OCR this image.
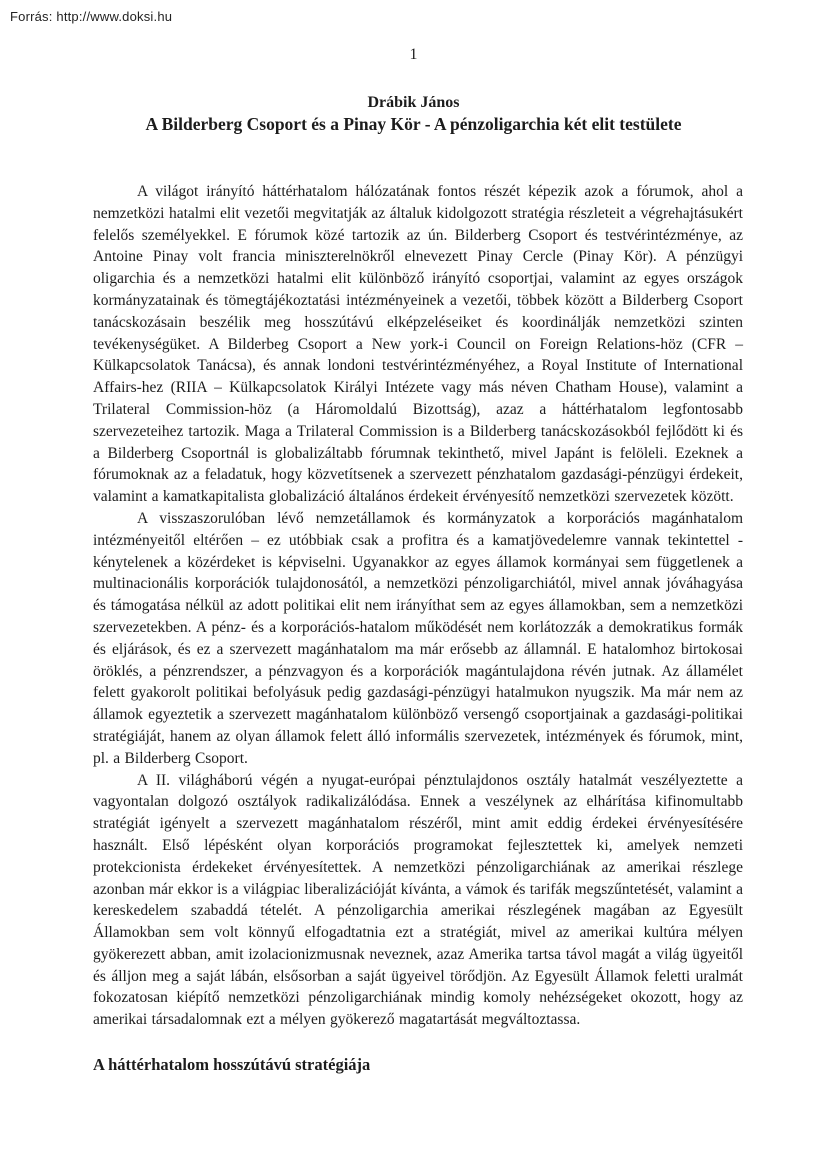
Forrás: http://www.doksi.hu
1
Drábik János
A Bilderberg Csoport és a Pinay Kör - A pénzoligarchia két elit testülete

A világot irányító háttérhatalom hálózatának fontos részét képezik azok a fórumok, ahol a nemzetközi hatalmi elit vezetői megvitatják az általuk kidolgozott stratégia részleteit a végrehajtásukért felelős személyekkel. E fórumok közé tartozik az ún. Bilderberg Csoport és testvérintézménye, az Antoine Pinay volt francia miniszterelnökről elnevezett Pinay Cercle (Pinay Kör). A pénzügyi oligarchia és a nemzetközi hatalmi elit különböző irányító csoportjai, valamint az egyes országok kormányzatainak és tömegtájékoztatási intézményeinek a vezetői, többek között a Bilderberg Csoport tanácskozásain beszélik meg hosszútávú elképzeléseiket és koordinálják nemzetközi szinten tevékenységüket. A Bilderbeg Csoport a New york-i Council on Foreign Relations-höz (CFR – Külkapcsolatok Tanácsa), és annak londoni testvérintézményéhez, a Royal Institute of International Affairs-hez (RIIA – Külkapcsolatok Királyi Intézete vagy más néven Chatham House), valamint a Trilateral Commission-höz (a Háromoldalú Bizottság), azaz a háttérhatalom legfontosabb szervezeteihez tartozik. Maga a Trilateral Commission is a Bilderberg tanácskozásokból fejlődött ki és a Bilderberg Csoportnál is globalizáltabb fórumnak tekinthető, mivel Japánt is felöleli. Ezeknek a fórumoknak az a feladatuk, hogy közvetítsenek a szervezett pénzhatalom gazdasági-pénzügyi érdekeit, valamint a kamatkapitalista globalizáció általános érdekeit érvényesítő nemzetközi szervezetek között.

A visszaszorulóban lévő nemzetállamok és kormányzatok a korporációs magánhatalom intézményeitől eltérően – ez utóbbiak csak a profitra és a kamatjövedelemre vannak tekintettel - kénytelenek a közérdeket is képviselni. Ugyanakkor az egyes államok kormányai sem függetlenek a multinacionális korporációk tulajdonosától, a nemzetközi pénzoligarchiától, mivel annak jóváhagyása és támogatása nélkül az adott politikai elit nem irányíthat sem az egyes államokban, sem a nemzetközi szervezetekben. A pénz- és a korporációs-hatalom működését nem korlátozzák a demokratikus formák és eljárások, és ez a szervezett magánhatalom ma már erősebb az államnál. E hatalomhoz birtokosai öröklés, a pénzrendszer, a pénzvagyon és a korporációk magántulajdona révén jutnak. Az államélet felett gyakorolt politikai befolyásuk pedig gazdasági-pénzügyi hatalmukon nyugszik. Ma már nem az államok egyeztetik a szervezett magánhatalom különböző versengő csoportjainak a gazdasági-politikai stratégiáját, hanem az olyan államok felett álló informális szervezetek, intézmények és fórumok, mint, pl. a Bilderberg Csoport.

A II. világháború végén a nyugat-európai pénztulajdonos osztály hatalmát veszélyeztette a vagyontalan dolgozó osztályok radikalizálódása. Ennek a veszélynek az elhárítása kifinomultabb stratégiát igényelt a szervezett magánhatalom részéről, mint amit eddig érdekei érvényesítésére használt. Első lépésként olyan korporációs programokat fejlesztettek ki, amelyek nemzeti protekcionista érdekeket érvényesítettek. A nemzetközi pénzoligarchiának az amerikai részlege azonban már ekkor is a világpiac liberalizációját kívánta, a vámok és tarifák megszűntetését, valamint a kereskedelem szabaddá tételét. A pénzoligarchia amerikai részlegének magában az Egyesült Államokban sem volt könnyű elfogadtatnia ezt a stratégiát, mivel az amerikai kultúra mélyen gyökerezett abban, amit izolacionizmusnak neveznek, azaz Amerika tartsa távol magát a világ ügyeitől és álljon meg a saját lábán, elsősorban a saját ügyeivel törődjön. Az Egyesült Államok feletti uralmát fokozatosan kiépítő nemzetközi pénzoligarchiának mindig komoly nehézségeket okozott, hogy az amerikai társadalomnak ezt a mélyen gyökerező magatartását megváltoztassa.

A háttérhatalom hosszútávú stratégiája
